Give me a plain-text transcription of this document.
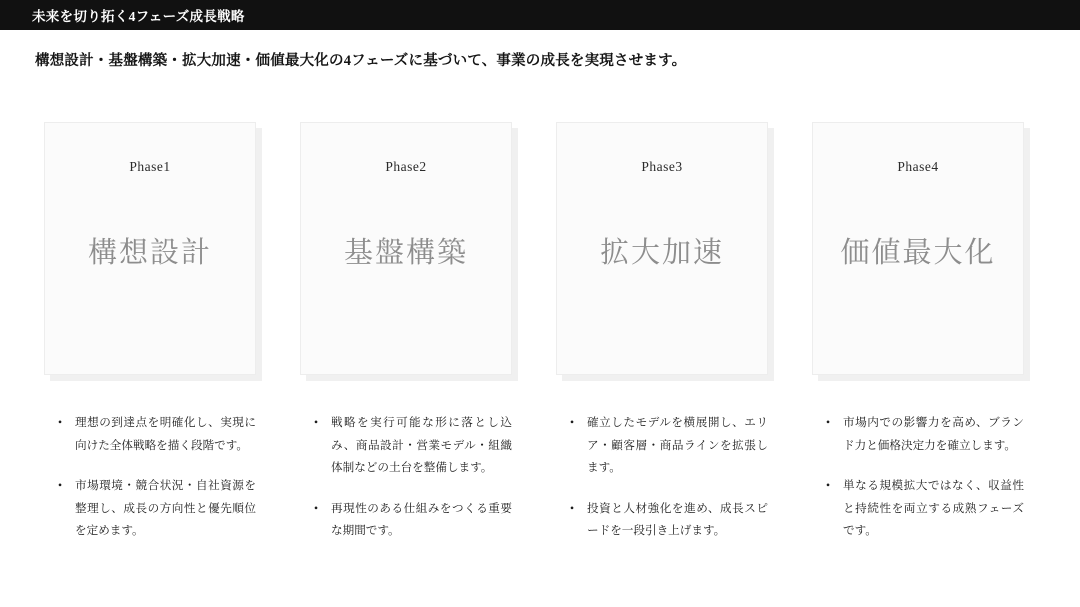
未来を切り拓く4フェーズ成長戦略
構想設計・基盤構築・拡大加速・価値最大化の4フェーズに基づいて、事業の成長を実現させます。
Phase1
構想設計
• 理想の到達点を明確化し、実現に向けた全体戦略を描く段階です。
• 市場環境・競合状況・自社資源を整理し、成長の方向性と優先順位を定めます。
Phase2
基盤構築
• 戦略を実行可能な形に落とし込み、商品設計・営業モデル・組織体制などの土台を整備します。
• 再現性のある仕組みをつくる重要な期間です。
Phase3
拡大加速
• 確立したモデルを横展開し、エリア・顧客層・商品ラインを拡張します。
• 投資と人材強化を進め、成長スピードを一段引き上げます。
Phase4
価値最大化
• 市場内での影響力を高め、ブランド力と価格決定力を確立します。
• 単なる規模拡大ではなく、収益性と持続性を両立する成熟フェーズです。
